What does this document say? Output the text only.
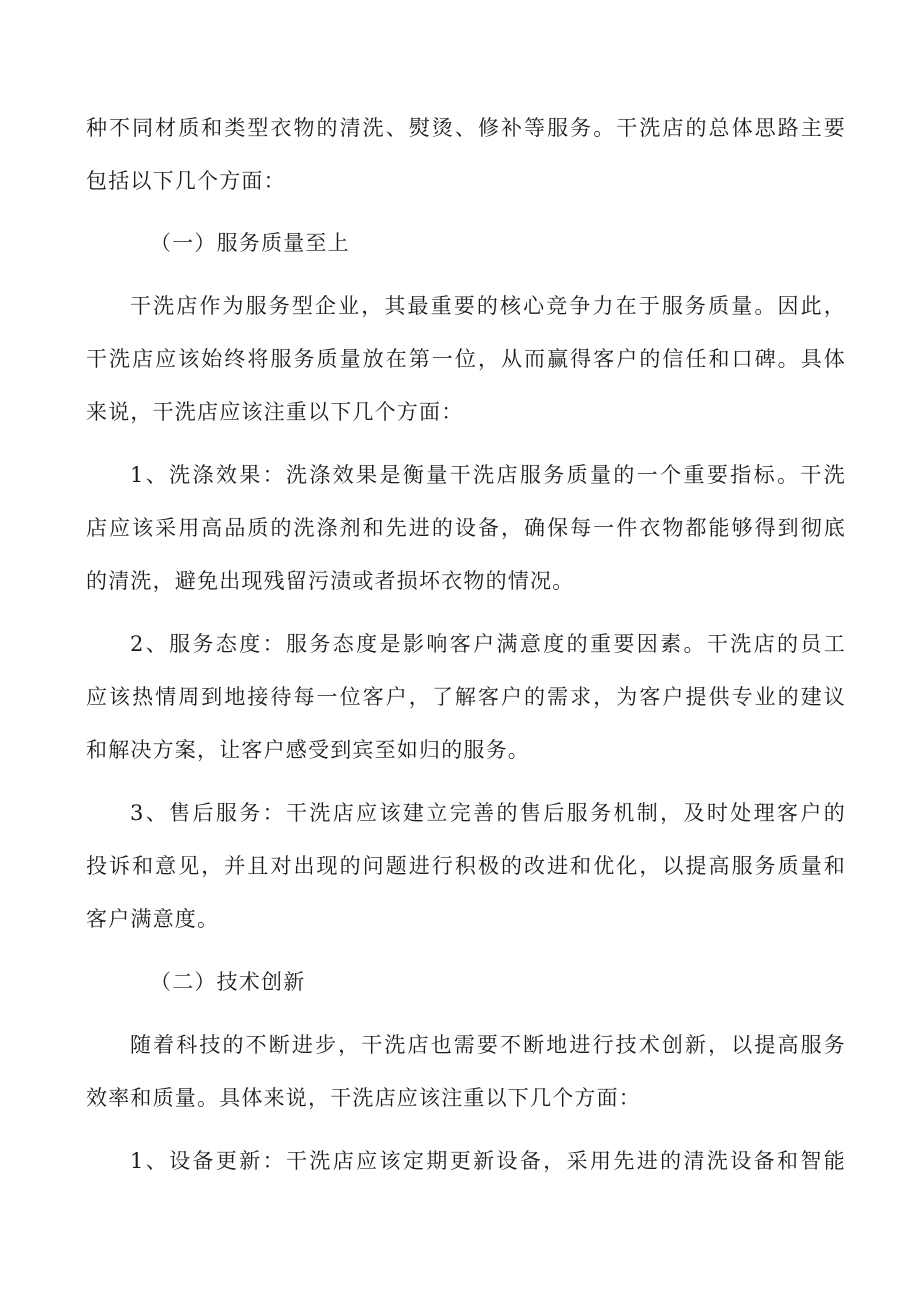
种不同材质和类型衣物的清洗、熨烫、修补等服务。干洗店的总体思路主要
包括以下几个方面：
（一）服务质量至上
干洗店作为服务型企业，其最重要的核心竞争力在于服务质量。因此，
干洗店应该始终将服务质量放在第一位，从而赢得客户的信任和口碑。具体
来说，干洗店应该注重以下几个方面：
1、洗涤效果：洗涤效果是衡量干洗店服务质量的一个重要指标。干洗
店应该采用高品质的洗涤剂和先进的设备，确保每一件衣物都能够得到彻底
的清洗，避免出现残留污渍或者损坏衣物的情况。
2、服务态度：服务态度是影响客户满意度的重要因素。干洗店的员工
应该热情周到地接待每一位客户，了解客户的需求，为客户提供专业的建议
和解决方案，让客户感受到宾至如归的服务。
3、售后服务：干洗店应该建立完善的售后服务机制，及时处理客户的
投诉和意见，并且对出现的问题进行积极的改进和优化，以提高服务质量和
客户满意度。
（二）技术创新
随着科技的不断进步，干洗店也需要不断地进行技术创新，以提高服务
效率和质量。具体来说，干洗店应该注重以下几个方面：
1、设备更新：干洗店应该定期更新设备，采用先进的清洗设备和智能
